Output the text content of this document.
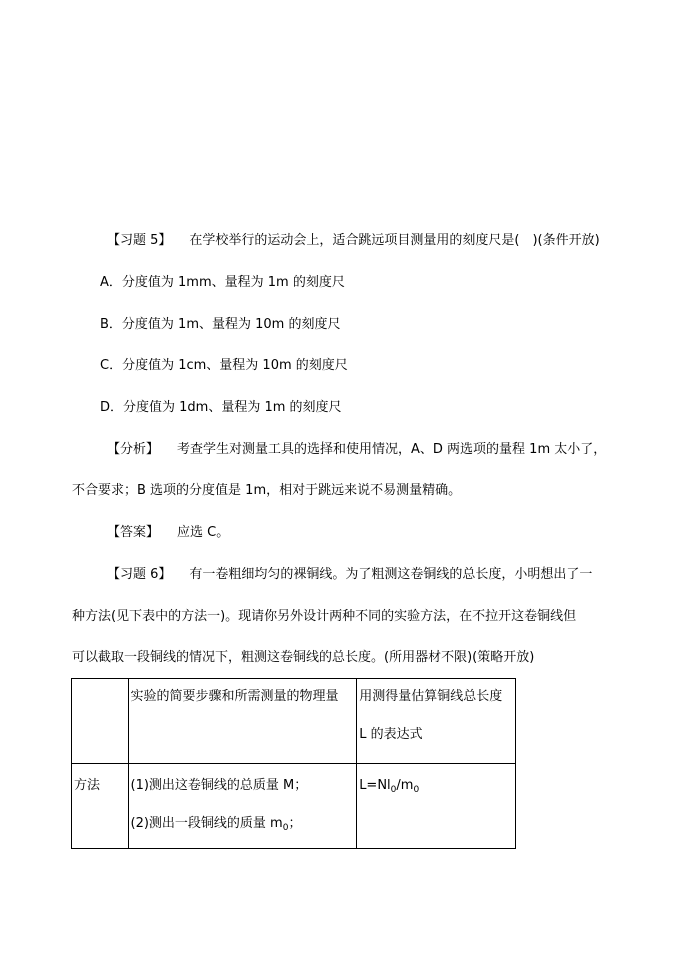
【习题 5】 在学校举行的运动会上，适合跳远项目测量用的刻度尺是(　)(条件开放)
A．分度值为 1mm、量程为 1m 的刻度尺
B．分度值为 1m、量程为 10m 的刻度尺
C．分度值为 1cm、量程为 10m 的刻度尺
D．分度值为 1dm、量程为 1m 的刻度尺
【分析】 考查学生对测量工具的选择和使用情况，A、D 两选项的量程 1m 太小了，
不合要求；B 选项的分度值是 1m，相对于跳远来说不易测量精确。
【答案】 应选 C。
【习题 6】 有一卷粗细均匀的裸铜线。为了粗测这卷铜线的总长度，小明想出了一
种方法(见下表中的方法一)。现请你另外设计两种不同的实验方法，在不拉开这卷铜线但
可以截取一段铜线的情况下，粗测这卷铜线的总长度。(所用器材不限)(策略开放)

	实验的简要步骤和所需测量的物理量	用测得量估算铜线总长度
L 的表达式

方法	(1)测出这卷铜线的总质量 M；
(2)测出一段铜线的质量 $m_0$；	$L=Nl_0/m_0$
